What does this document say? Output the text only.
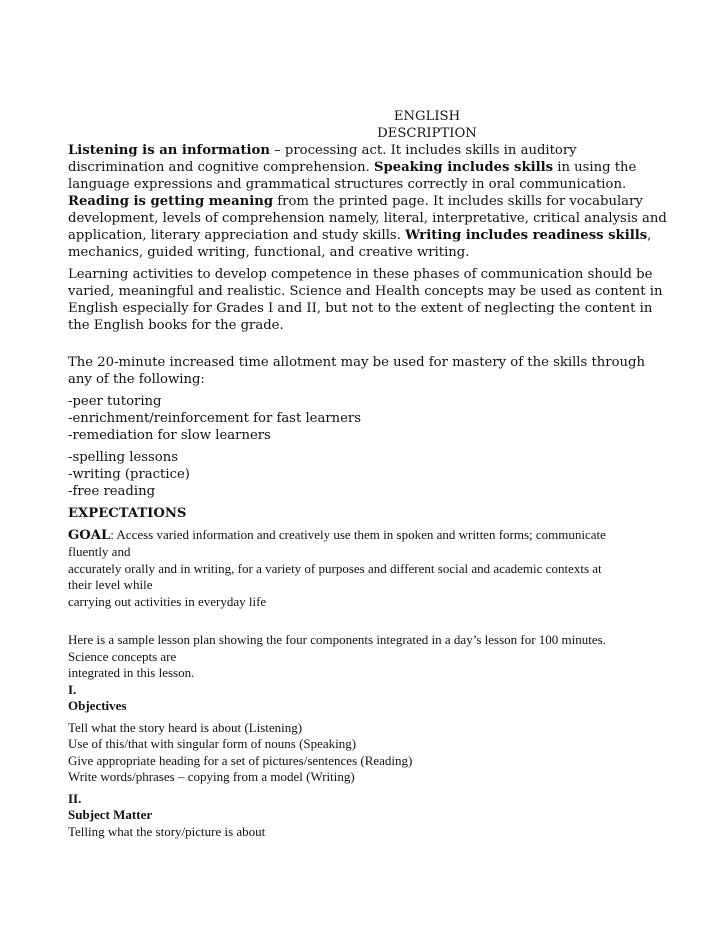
ENGLISH

DESCRIPTION

Listening is an information – processing act. It includes skills in auditory discrimination and cognitive comprehension. Speaking includes skills in using the language expressions and grammatical structures correctly in oral communication. Reading is getting meaning from the printed page. It includes skills for vocabulary development, levels of comprehension namely, literal, interpretative, critical analysis and application, literary appreciation and study skills. Writing includes readiness skills, mechanics, guided writing, functional, and creative writing.

Learning activities to develop competence in these phases of communication should be varied, meaningful and realistic. Science and Health concepts may be used as content in English especially for Grades I and II, but not to the extent of neglecting the content in the English books for the grade.

The 20-minute increased time allotment may be used for mastery of the skills through any of the following:

-peer tutoring
-enrichment/reinforcement for fast learners
-remediation for slow learners
-spelling lessons
-writing (practice)
-free reading

EXPECTATIONS

GOAL: Access varied information and creatively use them in spoken and written forms; communicate
fluently and
accurately orally and in writing, for a variety of purposes and different social and academic contexts at
their level while
carrying out activities in everyday life
Here is a sample lesson plan showing the four components integrated in a day’s lesson for 100 minutes.
Science concepts are
integrated in this lesson.
I.
Objectives
Tell what the story heard is about (Listening)
Use of this/that with singular form of nouns (Speaking)
Give appropriate heading for a set of pictures/sentences (Reading)
Write words/phrases – copying from a model (Writing)
II.
Subject Matter
Telling what the story/picture is about
